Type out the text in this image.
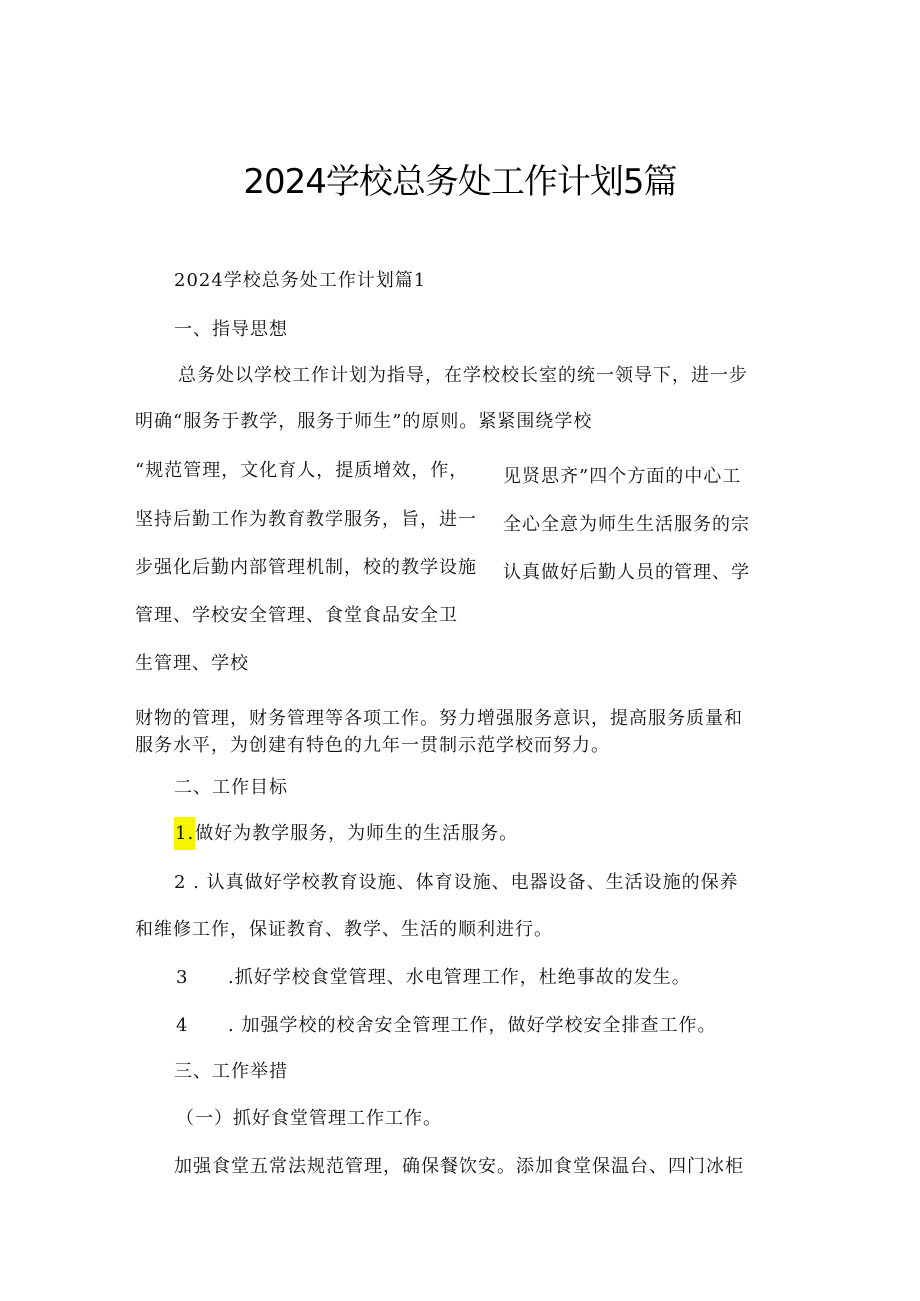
2024学校总务处工作计划5篇
2024学校总务处工作计划篇1
一、指导思想
总务处以学校工作计划为指导，在学校校长室的统一领导下，进一步
明确“服务于教学，服务于师生”的原则。紧紧围绕学校
“规范管理，文化育人，提质增效，作，
坚持后勤工作为教育教学服务，旨，进一
步强化后勤内部管理机制，校的教学设施
管理、学校安全管理、食堂食品安全卫
生管理、学校
见贤思齐”四个方面的中心工
全心全意为师生生活服务的宗
认真做好后勤人员的管理、学
财物的管理，财务管理等各项工作。努力增强服务意识，提高服务质量和
服务水平，为创建有特色的九年一贯制示范学校而努力。
二、工作目标
1.做好为教学服务，为师生的生活服务。
2 . 认真做好学校教育设施、体育设施、电器设备、生活设施的保养
和维修工作，保证教育、教学、生活的顺利进行。
3 .抓好学校食堂管理、水电管理工作，杜绝事故的发生。
4 . 加强学校的校舍安全管理工作，做好学校安全排查工作。
三、工作举措
（一）抓好食堂管理工作工作。
加强食堂五常法规范管理，确保餐饮安。添加食堂保温台、四门冰柜
